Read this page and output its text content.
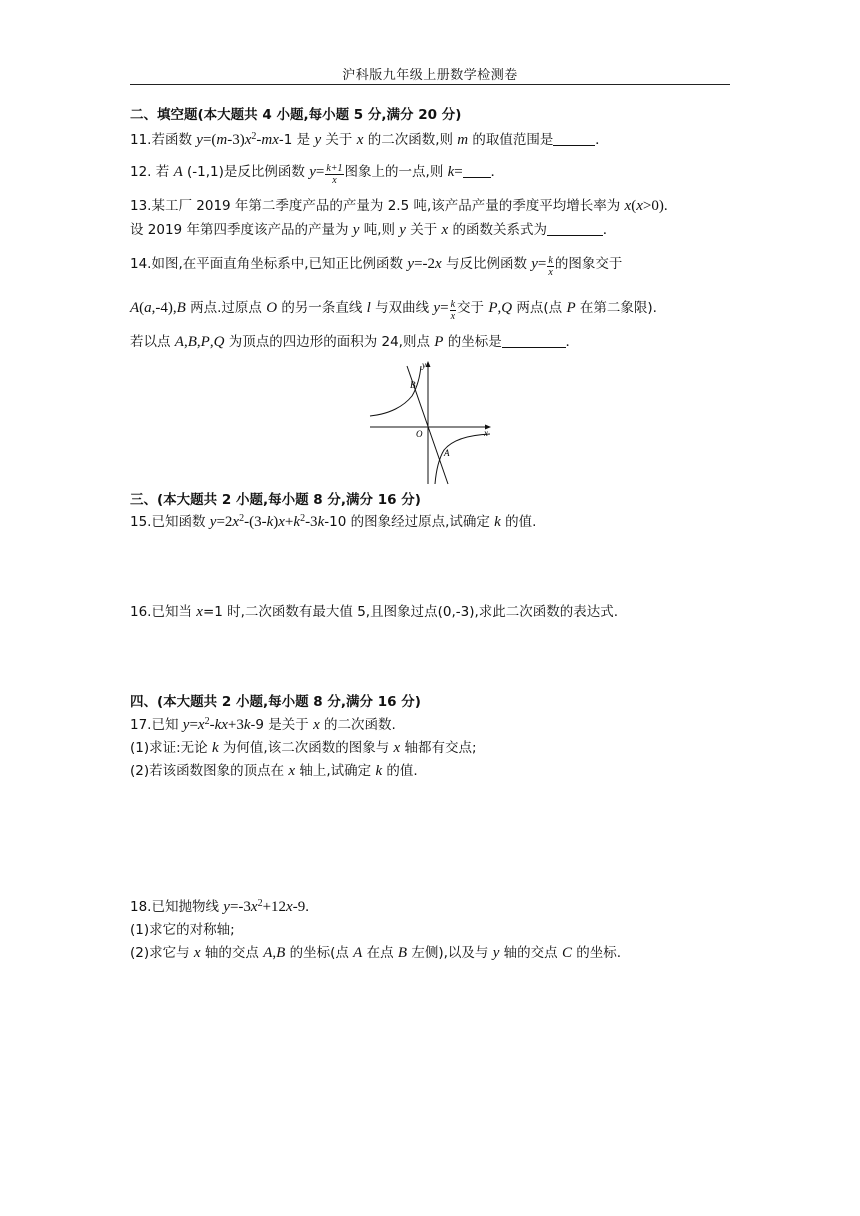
沪科版九年级上册数学检测卷
二、填空题(本大题共 4 小题,每小题 5 分,满分 20 分)
11.若函数 $y=(m-3)x^2-mx-1$ 是 y 关于 x 的二次函数,则 m 的取值范围是	.
12. 若 A (-1,1)是反比例函数 $y= \frac{k+1}{x}$ 图象上的一点,则 k= .
13.某工厂 2019 年第二季度产品的产量为 2.5 吨,该产品产量的季度平均增长率为 x(x>0).
设 2019 年第四季度该产品的产量为 y 吨,则 y 关于 x 的函数关系式为	.
14.如图,在平面直角坐标系中,已知正比例函数 y=-2x 与反比例函数 $y= \frac{k}{x}$ 的图象交于
A(a,-4),B 两点.过原点 O 的另一条直线 l 与双曲线 $y= \frac{k}{x}$ 交于 P,Q 两点(点 P 在第二象限).
若以点 A,B,P,Q 为顶点的四边形的面积为 24,则点 P 的坐标是	.
y
x
O
B
A
三、(本大题共 2 小题,每小题 8 分,满分 16 分)
15.已知函数 $y=2x^2-(3-k)x+k^2-3k-10$ 的图象经过原点,试确定 k 的值.
16.已知当 x=1 时,二次函数有最大值 5,且图象过点(0,-3),求此二次函数的表达式.
四、(本大题共 2 小题,每小题 8 分,满分 16 分)
17.已知 $y=x^2-kx+3k-9$ 是关于 x 的二次函数.
(1)求证:无论 k 为何值,该二次函数的图象与 x 轴都有交点;
(2)若该函数图象的顶点在 x 轴上,试确定 k 的值.
18.已知抛物线 $y=-3x^2+12x-9$.
(1)求它的对称轴;
(2)求它与 x 轴的交点 A,B 的坐标(点 A 在点 B 左侧),以及与 y 轴的交点 C 的坐标.
